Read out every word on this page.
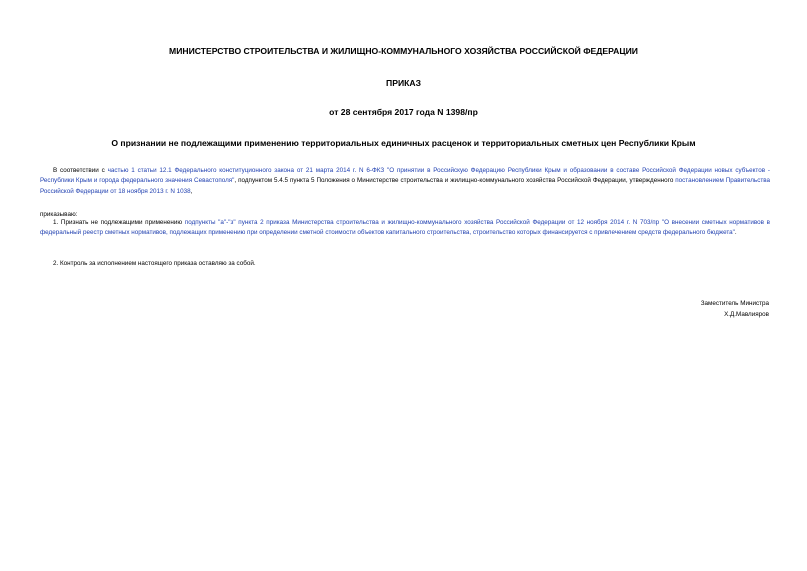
МИНИСТЕРСТВО СТРОИТЕЛЬСТВА И ЖИЛИЩНО-КОММУНАЛЬНОГО ХОЗЯЙСТВА РОССИЙСКОЙ ФЕДЕРАЦИИ
ПРИКАЗ
от 28 сентября 2017 года N 1398/пр
О признании не подлежащими применению территориальных единичных расценок и территориальных сметных цен Республики Крым
В соответствии с частью 1 статьи 12.1 Федерального конституционного закона от 21 марта 2014 г. N 6-ФКЗ "О принятии в Российскую Федерацию Республики Крым и образовании в составе Российской Федерации новых субъектов - Республики Крым и города федерального значения Севастополя", подпунктом 5.4.5 пункта 5 Положения о Министерстве строительства и жилищно-коммунального хозяйства Российской Федерации, утвержденного постановлением Правительства Российской Федерации от 18 ноября 2013 г. N 1038,
приказываю:
1. Признать не подлежащими применению подпункты "а"-"з" пункта 2 приказа Министерства строительства и жилищно-коммунального хозяйства Российской Федерации от 12 ноября 2014 г. N 703/пр "О внесении сметных нормативов в федеральный реестр сметных нормативов, подлежащих применению при определении сметной стоимости объектов капитального строительства, строительство которых финансируется с привлечением средств федерального бюджета".
2. Контроль за исполнением настоящего приказа оставляю за собой.
Заместитель Министра
Х.Д.Мавлияров
